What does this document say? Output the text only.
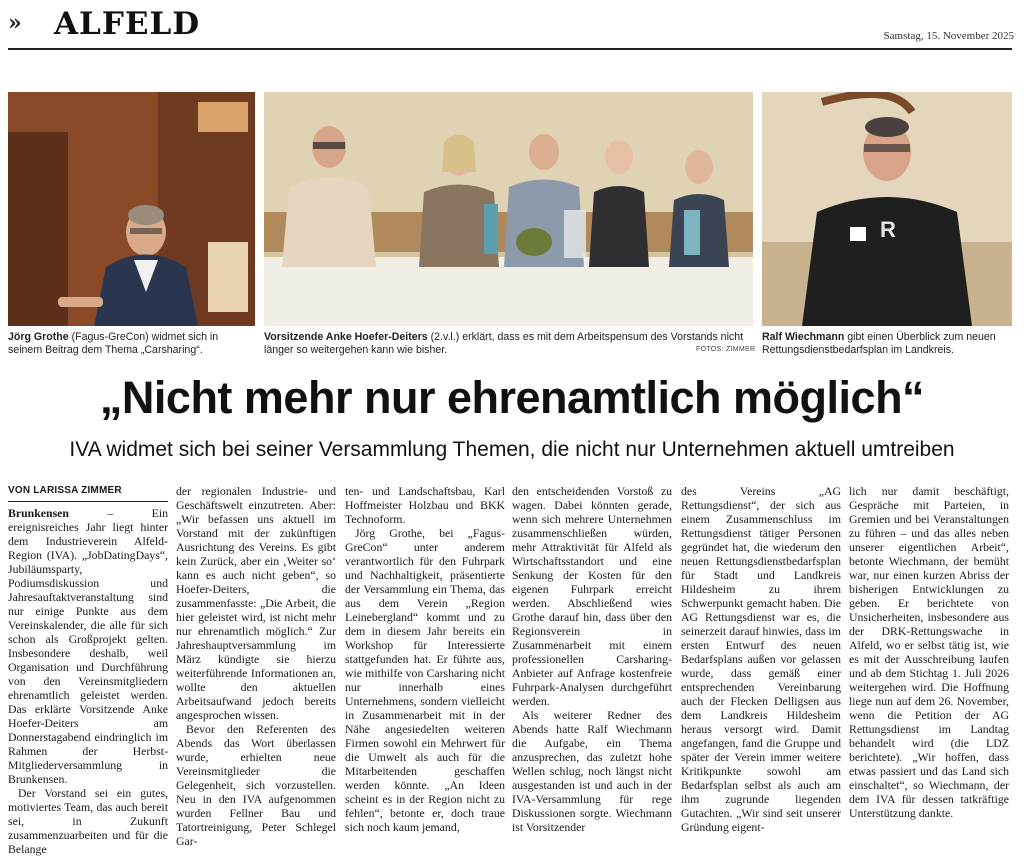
» ALFELD	Samstag, 15. November 2025
R
Jörg Grothe (Fagus-GreCon) widmet sich in seinem Beitrag dem Thema „Carsharing“.
Vorsitzende Anke Hoefer-Deiters (2.v.l.) erklärt, dass es mit dem Arbeitspensum des Vorstands nicht länger so weitergehen kann wie bisher.	FOTOS: ZIMMER
Ralf Wiechmann gibt einen Überblick zum neuen Rettungsdienstbedarfsplan im Landkreis.
„Nicht mehr nur ehrenamtlich möglich“
IVA widmet sich bei seiner Versammlung Themen, die nicht nur Unternehmen aktuell umtreiben
VON LARISSA ZIMMER

Brunkensen – Ein ereignisreiches Jahr liegt hinter dem Industrieverein Alfeld-Region (IVA). „JobDatingDays“, Jubiläumsparty, Podiumsdiskussion und Jahresauftaktveranstaltung sind nur einige Punkte aus dem Vereinskalender, die alle für sich schon als Großprojekt gelten. Insbesondere deshalb, weil Organisation und Durchführung von den Vereinsmitgliedern ehrenamtlich geleistet werden. Das erklärte Vorsitzende Anke Hoefer-Deiters am Donnerstagabend eindringlich im Rahmen der Herbst-Mitgliederversammlung in Brunkensen.

Der Vorstand sei ein gutes, motiviertes Team, das auch bereit sei, in Zukunft zusammenzuarbeiten und für die Belange

der regionalen Industrie- und Geschäftswelt einzutreten. Aber: „Wir befassen uns aktuell im Vorstand mit der zukünftigen Ausrichtung des Vereins. Es gibt kein Zurück, aber ein ‚Weiter so‘ kann es auch nicht geben“, so Hoefer-Deiters, die zusammenfasste: „Die Arbeit, die hier geleistet wird, ist nicht mehr nur ehrenamtlich möglich.“ Zur Jahreshauptversammlung im März kündigte sie hierzu weiterführende Informationen an, wollte den aktuellen Arbeitsaufwand jedoch bereits angesprochen wissen.

Bevor den Referenten des Abends das Wort überlassen wurde, erhielten neue Vereinsmitglieder die Gelegenheit, sich vorzustellen. Neu in den IVA aufgenommen wurden Fellner Bau und Tatortreinigung, Peter Schlegel Gar-

ten- und Landschaftsbau, Karl Hoffmeister Holzbau und BKK Technoform.

Jörg Grothe, bei „Fagus-GreCon“ unter anderem verantwortlich für den Fuhrpark und Nachhaltigkeit, präsentierte der Versammlung ein Thema, das aus dem Verein „Region Leinebergland“ kommt und zu dem in diesem Jahr bereits ein Workshop für Interessierte stattgefunden hat. Er führte aus, wie mithilfe von Carsharing nicht nur innerhalb eines Unternehmens, sondern vielleicht in Zusammenarbeit mit in der Nähe angesiedelten weiteren Firmen sowohl ein Mehrwert für die Umwelt als auch für die Mitarbeitenden geschaffen werden könnte. „An Ideen scheint es in der Region nicht zu fehlen“, betonte er, doch traue sich noch kaum jemand,

den entscheidenden Vorstoß zu wagen. Dabei könnten gerade, wenn sich mehrere Unternehmen zusammenschließen würden, mehr Attraktivität für Alfeld als Wirtschaftsstandort und eine Senkung der Kosten für den eigenen Fuhrpark erreicht werden. Abschließend wies Grothe darauf hin, dass über den Regionsverein in Zusammenarbeit mit einem professionellen Carsharing-Anbieter auf Anfrage kostenfreie Fuhrpark-Analysen durchgeführt werden.

Als weiterer Redner des Abends hatte Ralf Wiechmann die Aufgabe, ein Thema anzusprechen, das zuletzt hohe Wellen schlug, noch längst nicht ausgestanden ist und auch in der IVA-Versammlung für rege Diskussionen sorgte. Wiechmann ist Vorsitzender

des Vereins „AG Rettungsdienst“, der sich aus einem Zusammenschluss im Rettungsdienst tätiger Personen gegründet hat, die wiederum den neuen Rettungsdienstbedarfsplan für Stadt und Landkreis Hildesheim zu ihrem Schwerpunkt gemacht haben. Die AG Rettungsdienst war es, die seinerzeit darauf hinwies, dass im ersten Entwurf des neuen Bedarfsplans außen vor gelassen wurde, dass gemäß einer entsprechenden Vereinbarung auch der Flecken Delligsen aus dem Landkreis Hildesheim heraus versorgt wird. Damit angefangen, fand die Gruppe und später der Verein immer weitere Kritikpunkte sowohl am Bedarfsplan selbst als auch am ihm zugrunde liegenden Gutachten. „Wir sind seit unserer Gründung eigent-

lich nur damit beschäftigt, Gespräche mit Parteien, in Gremien und bei Veranstaltungen zu führen – und das alles neben unserer eigentlichen Arbeit“, betonte Wiechmann, der bemüht war, nur einen kurzen Abriss der bisherigen Entwicklungen zu geben. Er berichtete von Unsicherheiten, insbesondere aus der DRK-Rettungswache in Alfeld, wo er selbst tätig ist, wie es mit der Ausschreibung laufen und ab dem Stichtag 1. Juli 2026 weitergehen wird. Die Hoffnung liege nun auf dem 26. November, wenn die Petition der AG Rettungsdienst im Landtag behandelt wird (die LDZ berichtete). „Wir hoffen, dass etwas passiert und das Land sich einschaltet“, so Wiechmann, der dem IVA für dessen tatkräftige Unterstützung dankte.
